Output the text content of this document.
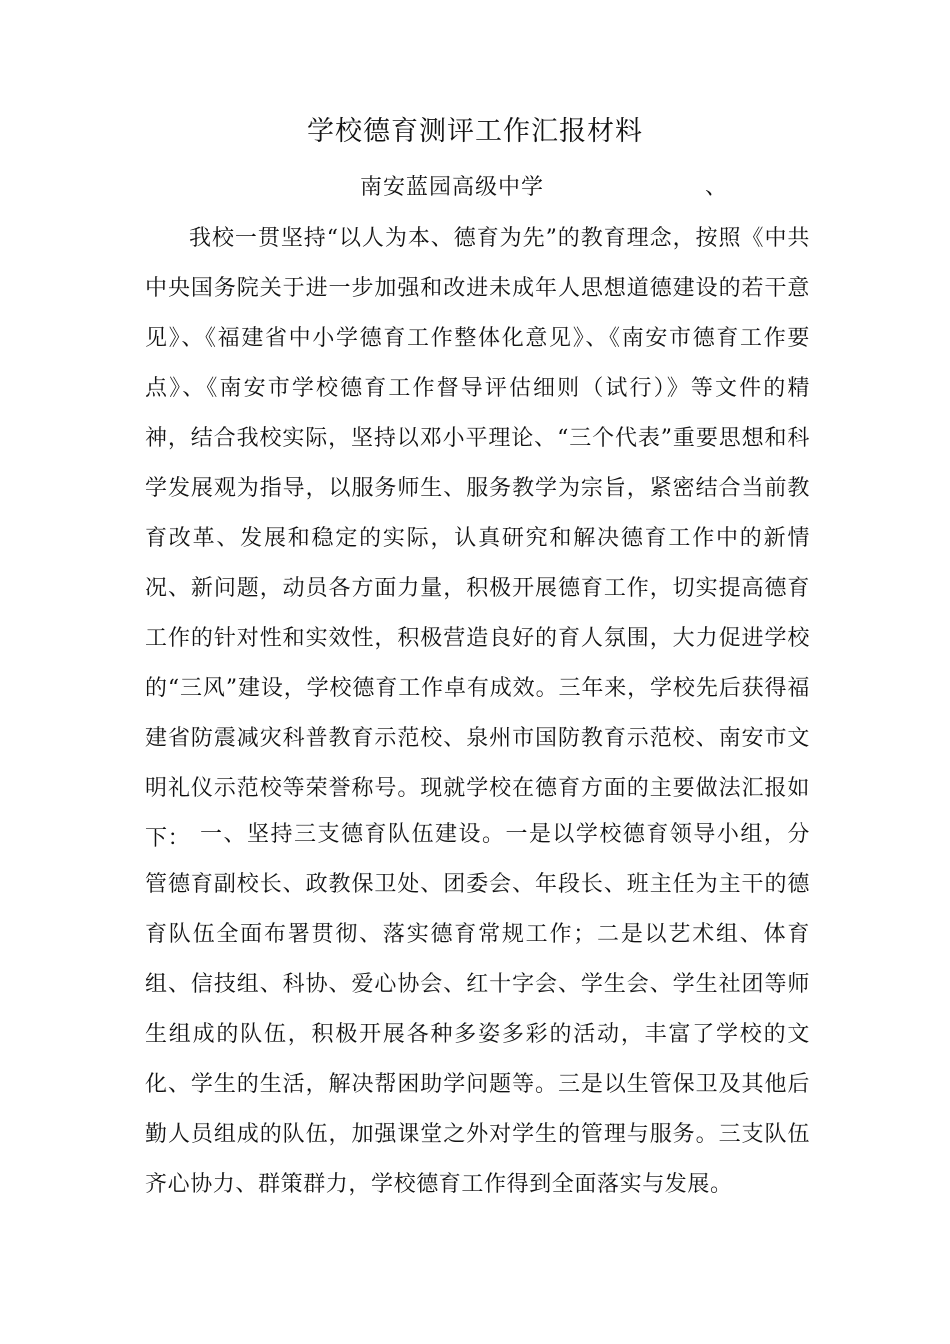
学校德育测评工作汇报材料
南安蓝园高级中学	、

我校一贯坚持“以人为本、德育为先”的教育理念，按照《中共中央国务院关于进一步加强和改进未成年人思想道德建设的若干意见》、《福建省中小学德育工作整体化意见》、《南安市德育工作要点》、《南安市学校德育工作督导评估细则（试行）》等文件的精神，结合我校实际，坚持以邓小平理论、“三个代表”重要思想和科学发展观为指导，以服务师生、服务教学为宗旨，紧密结合当前教育改革、发展和稳定的实际，认真研究和解决德育工作中的新情况、新问题，动员各方面力量，积极开展德育工作，切实提高德育工作的针对性和实效性，积极营造良好的育人氛围，大力促进学校的“三风”建设，学校德育工作卓有成效。三年来，学校先后获得福建省防震减灾科普教育示范校、泉州市国防教育示范校、南安市文明礼仪示范校等荣誉称号。现就学校在德育方面的主要做法汇报如下： 一、坚持三支德育队伍建设。一是以学校德育领导小组，分管德育副校长、政教保卫处、团委会、年段长、班主任为主干的德育队伍全面布署贯彻、落实德育常规工作；二是以艺术组、体育组、信技组、科协、爱心协会、红十字会、学生会、学生社团等师生组成的队伍，积极开展各种多姿多彩的活动，丰富了学校的文化、学生的生活，解决帮困助学问题等。三是以生管保卫及其他后勤人员组成的队伍，加强课堂之外对学生的管理与服务。三支队伍齐心协力、群策群力，学校德育工作得到全面落实与发展。
